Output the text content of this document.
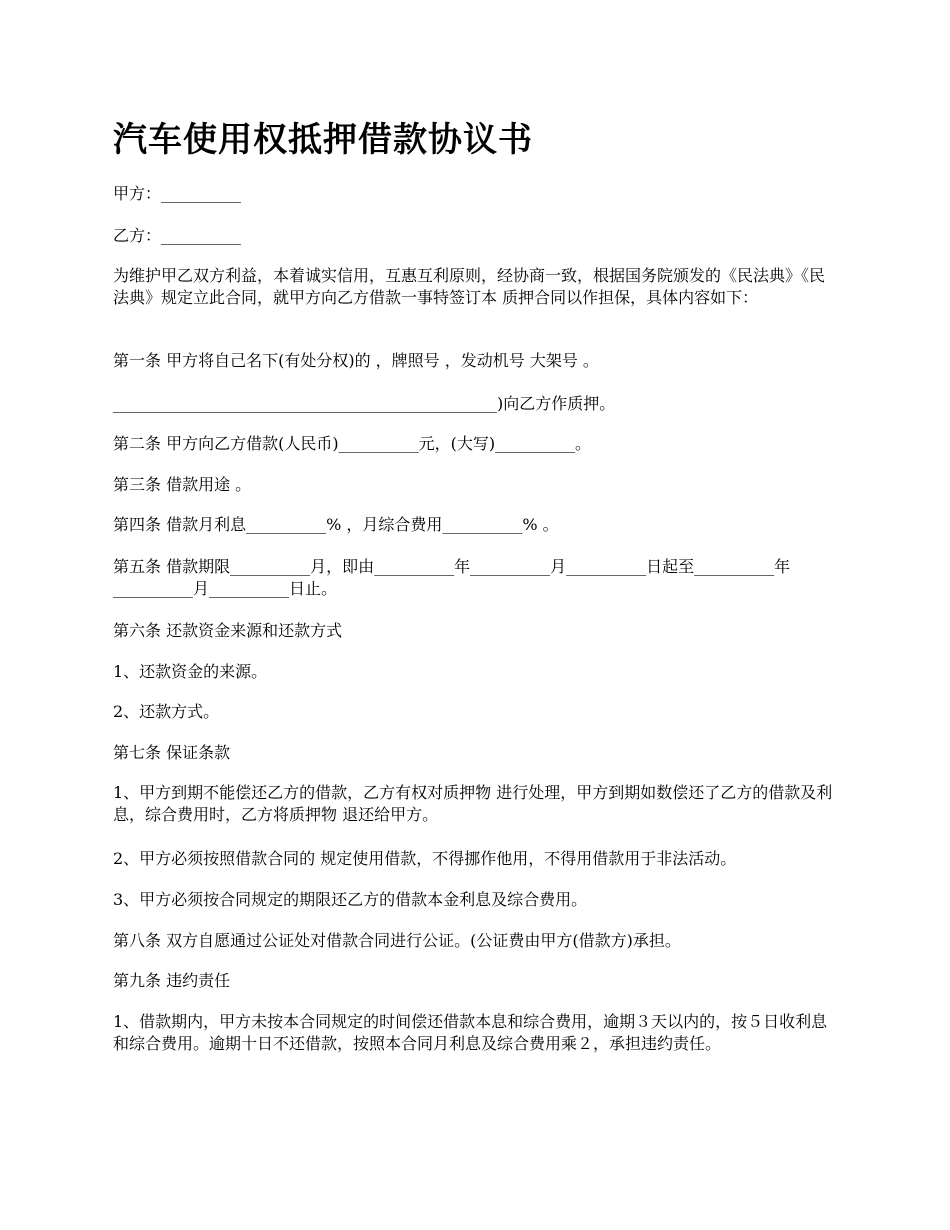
汽车使用权抵押借款协议书
甲方：__________
乙方：__________
为维护甲乙双方利益，本着诚实信用，互惠互利原则，经协商一致，根据国务院颁发的《民法典》《民法典》规定立此合同，就甲方向乙方借款一事特签订本 质押合同以作担保，具体内容如下：
第一条 甲方将自己名下(有处分权)的 ，牌照号 ，发动机号 大架号 。
________________________________________________)向乙方作质押。
第二条 甲方向乙方借款(人民币)__________元，(大写)__________。
第三条 借款用途 。
第四条 借款月利息__________% ，月综合费用__________% 。
第五条 借款期限__________月，即由__________年__________月__________日起至__________年__________月__________日止。
第六条 还款资金来源和还款方式
1、还款资金的来源。
2、还款方式。
第七条 保证条款
1、甲方到期不能偿还乙方的借款，乙方有权对质押物 进行处理，甲方到期如数偿还了乙方的借款及利息，综合费用时，乙方将质押物 退还给甲方。
2、甲方必须按照借款合同的 规定使用借款，不得挪作他用，不得用借款用于非法活动。
3、甲方必须按合同规定的期限还乙方的借款本金利息及综合费用。
第八条 双方自愿通过公证处对借款合同进行公证。(公证费由甲方(借款方)承担。
第九条 违约责任
1、借款期内，甲方未按本合同规定的时间偿还借款本息和综合费用，逾期３天以内的，按５日收利息和综合费用。逾期十日不还借款，按照本合同月利息及综合费用乘２，承担违约责任。
